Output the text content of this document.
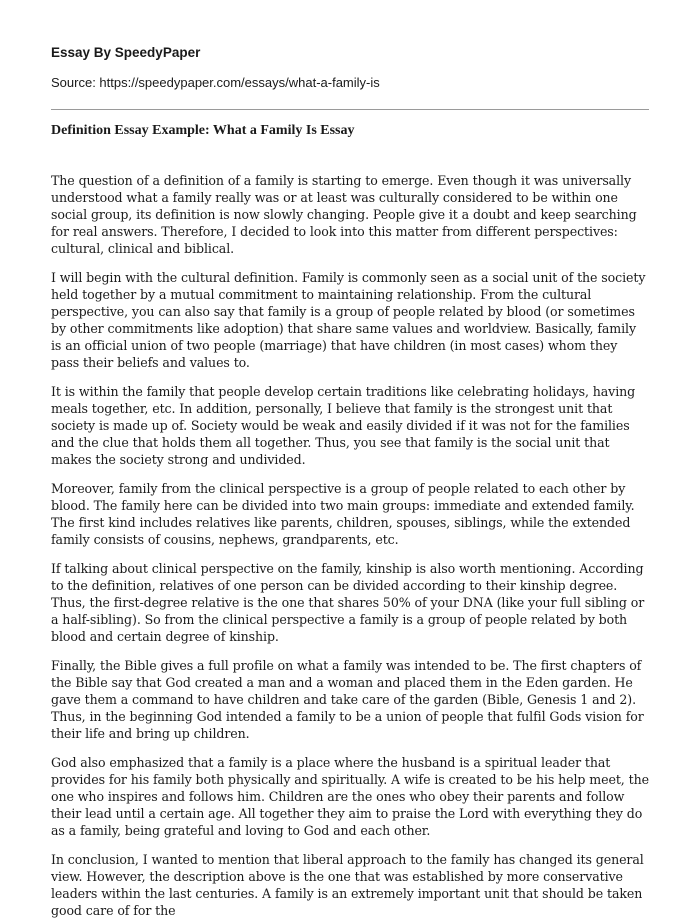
Essay By SpeedyPaper
Source: https://speedypaper.com/essays/what-a-family-is
Definition Essay Example: What a Family Is Essay

The question of a definition of a family is starting to emerge. Even though it was universally understood what a family really was or at least was culturally considered to be within one social group, its definition is now slowly changing. People give it a doubt and keep searching for real answers. Therefore, I decided to look into this matter from different perspectives: cultural, clinical and biblical.

I will begin with the cultural definition. Family is commonly seen as a social unit of the society held together by a mutual commitment to maintaining relationship. From the cultural perspective, you can also say that family is a group of people related by blood (or sometimes by other commitments like adoption) that share same values and worldview. Basically, family is an official union of two people (marriage) that have children (in most cases) whom they pass their beliefs and values to.

It is within the family that people develop certain traditions like celebrating holidays, having meals together, etc. In addition, personally, I believe that family is the strongest unit that society is made up of. Society would be weak and easily divided if it was not for the families and the clue that holds them all together. Thus, you see that family is the social unit that makes the society strong and undivided.

Moreover, family from the clinical perspective is a group of people related to each other by blood. The family here can be divided into two main groups: immediate and extended family. The first kind includes relatives like parents, children, spouses, siblings, while the extended family consists of cousins, nephews, grandparents, etc.

If talking about clinical perspective on the family, kinship is also worth mentioning. According to the definition, relatives of one person can be divided according to their kinship degree. Thus, the first-degree relative is the one that shares 50% of your DNA (like your full sibling or a half-sibling). So from the clinical perspective a family is a group of people related by both blood and certain degree of kinship.

Finally, the Bible gives a full profile on what a family was intended to be. The first chapters of the Bible say that God created a man and a woman and placed them in the Eden garden. He gave them a command to have children and take care of the garden (Bible, Genesis 1 and 2). Thus, in the beginning God intended a family to be a union of people that fulfil Gods vision for their life and bring up children.

God also emphasized that a family is a place where the husband is a spiritual leader that provides for his family both physically and spiritually. A wife is created to be his help meet, the one who inspires and follows him. Children are the ones who obey their parents and follow their lead until a certain age. All together they aim to praise the Lord with everything they do as a family, being grateful and loving to God and each other.

In conclusion, I wanted to mention that liberal approach to the family has changed its general view. However, the description above is the one that was established by more conservative leaders within the last centuries. A family is an extremely important unit that should be taken good care of for the
